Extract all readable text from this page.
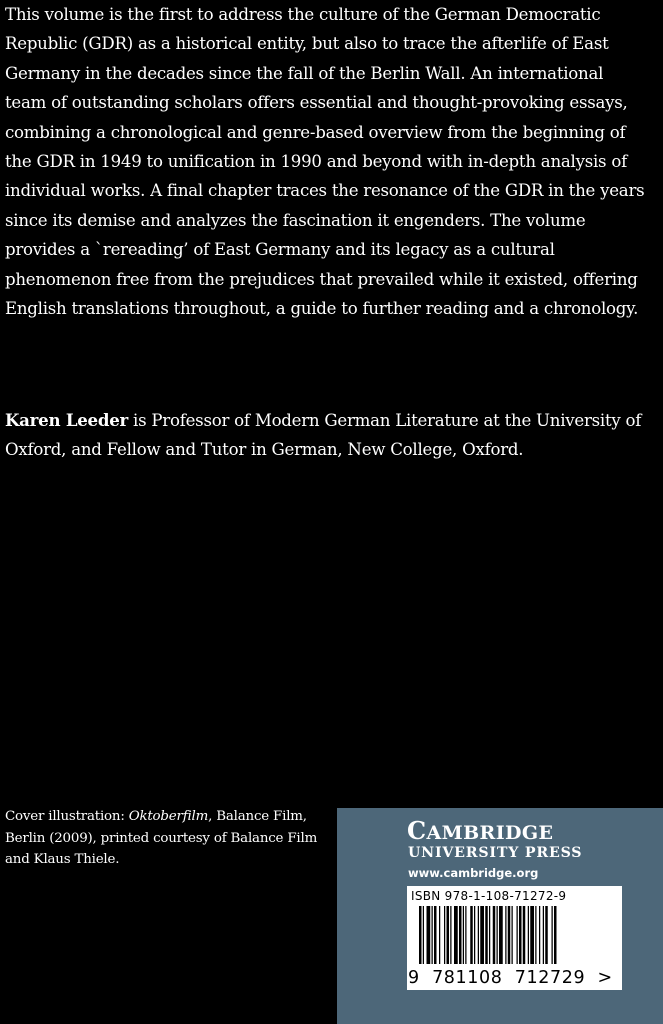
This volume is the first to address the culture of the German Democratic Republic (GDR) as a historical entity, but also to trace the afterlife of East Germany in the decades since the fall of the Berlin Wall. An international team of outstanding scholars offers essential and thought-provoking essays, combining a chronological and genre-based overview from the beginning of the GDR in 1949 to unification in 1990 and beyond with in-depth analysis of individual works. A final chapter traces the resonance of the GDR in the years since its demise and analyzes the fascination it engenders. The volume provides a `rereading’ of East Germany and its legacy as a cultural phenomenon free from the prejudices that prevailed while it existed, offering English translations throughout, a guide to further reading and a chronology.

Karen Leeder is Professor of Modern German Literature at the University of Oxford, and Fellow and Tutor in German, New College, Oxford.

Cover illustration: Oktoberfilm, Balance Film, Berlin (2009), printed courtesy of Balance Film and Klaus Thiele.

CAMBRIDGE
UNIVERSITY PRESS
www.cambridge.org
ISBN 978-1-108-71272-9
9 781108 712729 >
